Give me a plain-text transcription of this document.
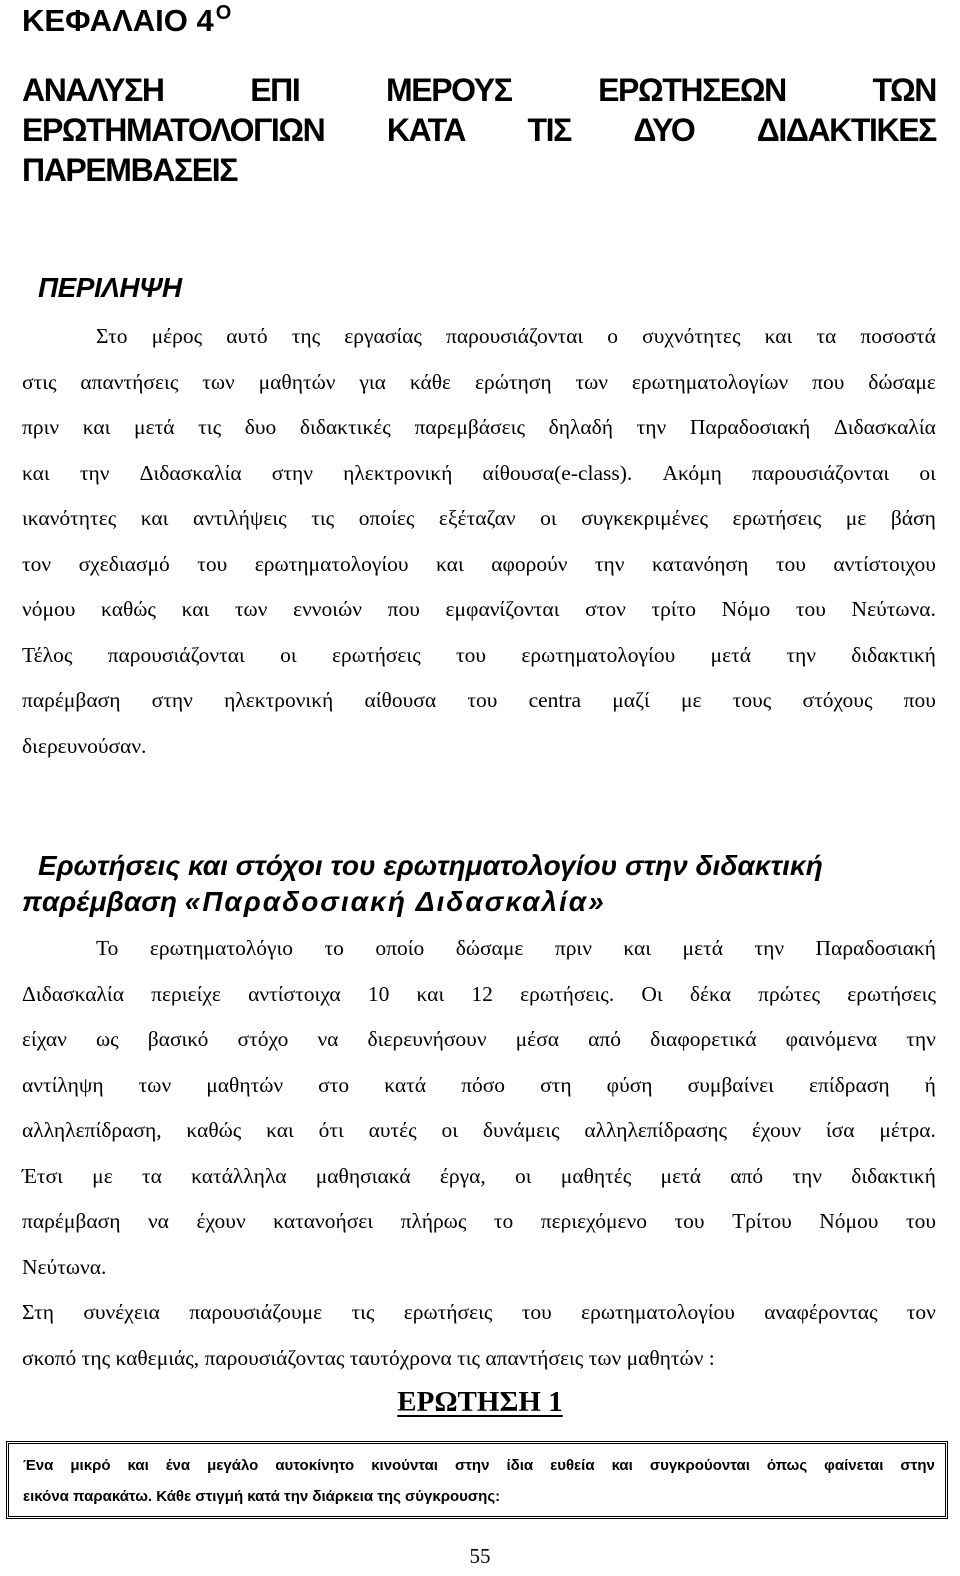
ΚΕΦΑΛΑΙΟ 4 $^O$
ΑΝΑΛΥΣΗ	ΕΠΙ	ΜΕΡΟΥΣ	ΕΡΩΤΗΣΕΩΝ	ΤΩΝ
ΕΡΩΤΗΜΑΤΟΛΟΓΙΩΝ ΚΑΤΑ ΤΙΣ ΔΥΟ ΔΙΔΑΚΤΙΚΕΣ
ΠΑΡΕΜΒΑΣΕΙΣ
ΠΕΡΙΛΗΨΗ
Στο μέρος αυτό της εργασίας παρουσιάζονται ο συχνότητες και τα ποσοστά
στις απαντήσεις των μαθητών για κάθε ερώτηση των ερωτηματολογίων που δώσαμε
πριν και μετά τις δυο διδακτικές παρεμβάσεις δηλαδή την Παραδοσιακή Διδασκαλία
και την Διδασκαλία στην ηλεκτρονική αίθουσα(e-class). Ακόμη παρουσιάζονται οι
ικανότητες και αντιλήψεις τις οποίες εξέταζαν οι συγκεκριμένες ερωτήσεις με βάση
τον σχεδιασμό του ερωτηματολογίου και αφορούν την κατανόηση του αντίστοιχου
νόμου καθώς και των εννοιών που εμφανίζονται στον τρίτο Νόμο του Νεύτωνα.
Τέλος παρουσιάζονται οι ερωτήσεις του ερωτηματολογίου μετά την διδακτική
παρέμβαση στην ηλεκτρονική αίθουσα του centra μαζί με τους στόχους που
διερευνούσαν.
Ερωτήσεις και στόχοι του ερωτηματολογίου στην διδακτική
παρέμβαση «Παραδοσιακή Διδασκαλία»
Το ερωτηματολόγιο το οποίο δώσαμε πριν και μετά την Παραδοσιακή
Διδασκαλία περιείχε αντίστοιχα 10 και 12 ερωτήσεις. Οι δέκα πρώτες ερωτήσεις
είχαν ως βασικό στόχο να διερευνήσουν μέσα από διαφορετικά φαινόμενα την
αντίληψη των μαθητών στο κατά πόσο στη φύση συμβαίνει επίδραση ή
αλληλεπίδραση, καθώς και ότι αυτές οι δυνάμεις αλληλεπίδρασης έχουν ίσα μέτρα.
Έτσι με τα κατάλληλα μαθησιακά έργα, οι μαθητές μετά από την διδακτική
παρέμβαση να έχουν κατανοήσει πλήρως το περιεχόμενο του Τρίτου Νόμου του
Νεύτωνα.
Στη συνέχεια παρουσιάζουμε τις ερωτήσεις του ερωτηματολογίου αναφέροντας τον
σκοπό της καθεμιάς, παρουσιάζοντας ταυτόχρονα τις απαντήσεις των μαθητών :
ΕΡΩΤΗΣΗ 1
Ένα μικρό και ένα μεγάλο αυτοκίνητο κινούνται στην ίδια ευθεία και συγκρούονται όπως φαίνεται στην
εικόνα παρακάτω. Κάθε στιγμή κατά την διάρκεια της σύγκρουσης:
55
